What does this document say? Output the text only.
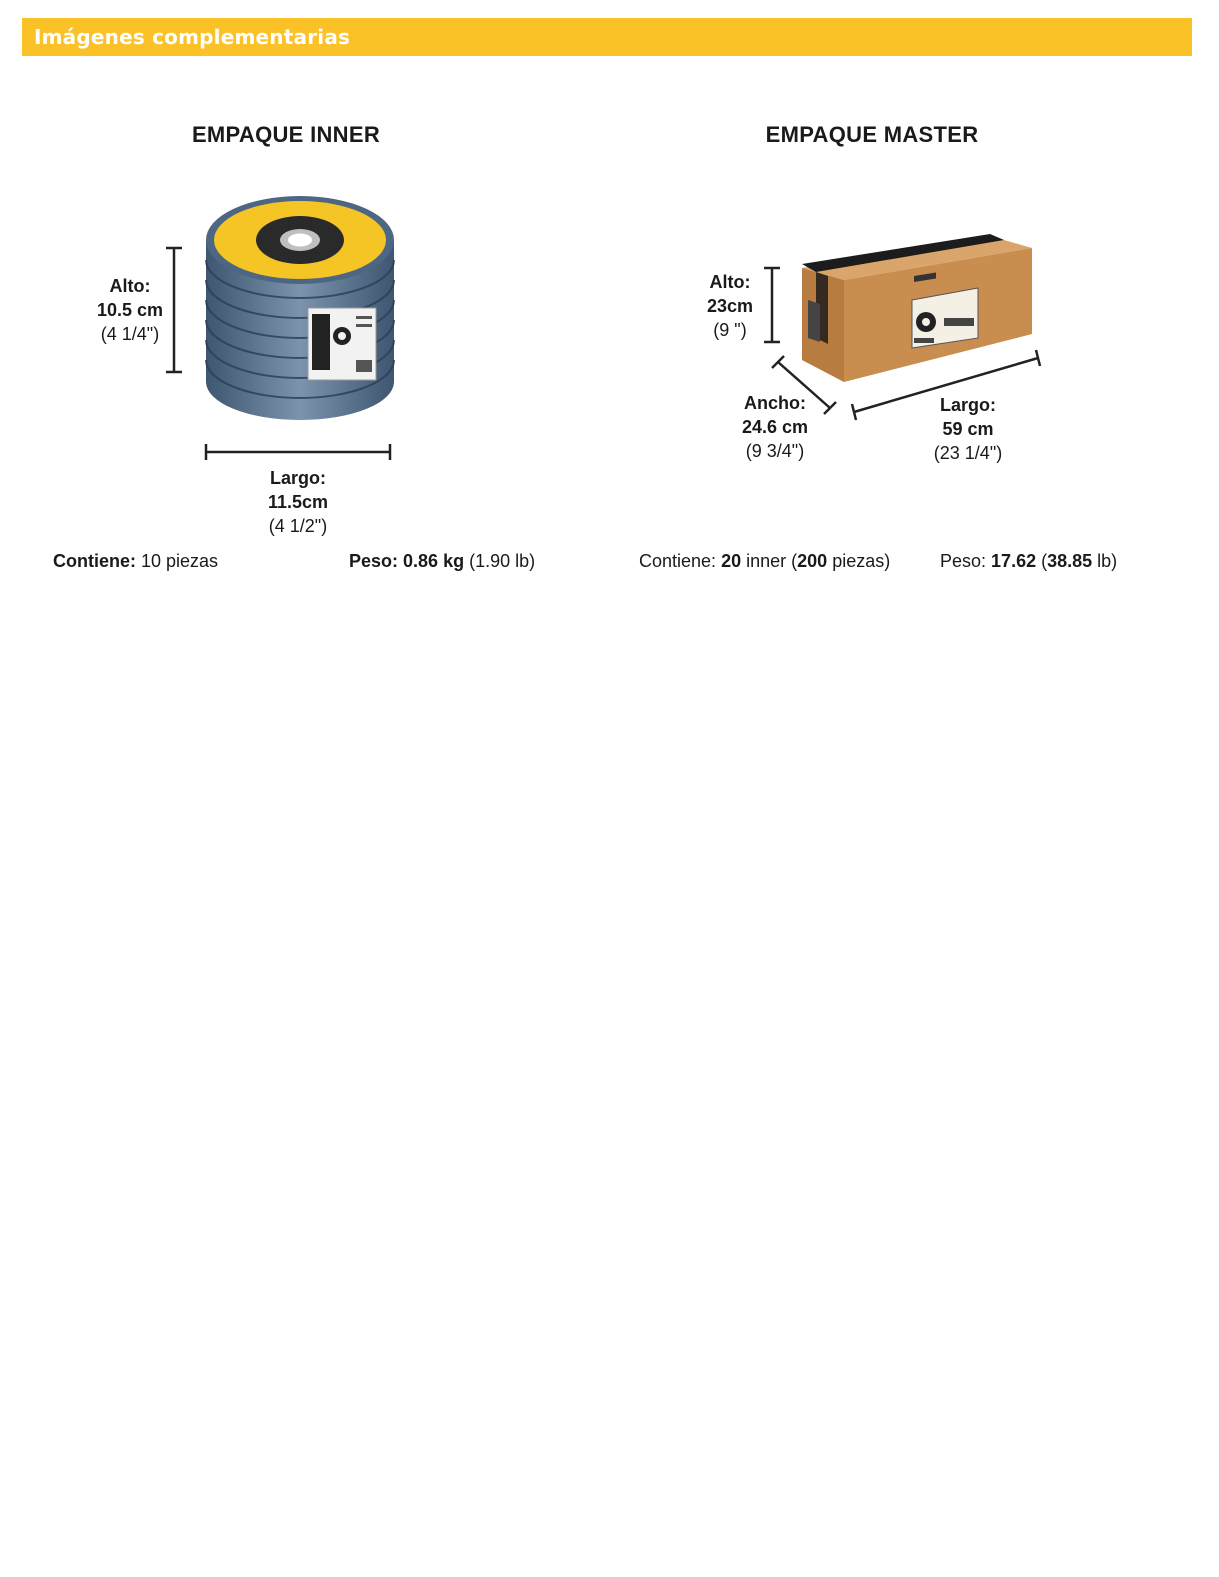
Imágenes complementarias
EMPAQUE INNER
Alto:
10.5 cm
(4 1/4")
Largo:
11.5cm
(4 1/2")
Contiene: 10 piezas	Peso: 0.86 kg (1.90 lb)
EMPAQUE MASTER
Alto:
23cm
(9 ")
Ancho:
24.6 cm
(9 3/4")
Largo:
59 cm
(23 1/4")
Contiene: 20 inner (200 piezas)	Peso: 17.62 (38.85 lb)
